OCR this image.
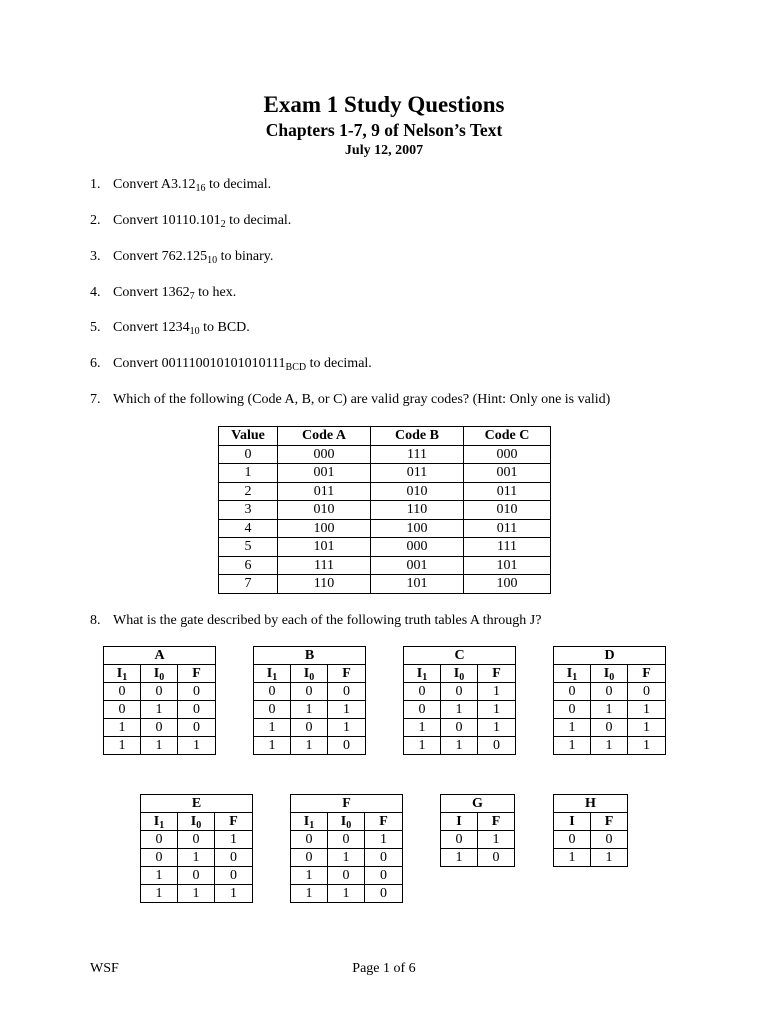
Exam 1 Study Questions
Chapters 1-7, 9 of Nelson’s Text
July 12, 2007
1. Convert $A3.12_{16}$ to decimal.
2. Convert $10110.101_2$ to decimal.
3. Convert $762.125_{10}$ to binary.
4. Convert $1362_7$ to hex.
5. Convert $1234_{10}$ to BCD.
6. Convert $001110010101010111_{BCD}$ to decimal.
7. Which of the following (Code A, B, or C) are valid gray codes? (Hint: Only one is valid)
Value	Code A	Code B	Code C
0	000	111	000
1	001	011	001
2	011	010	011
3	010	110	010
4	100	100	011
5	101	000	111
6	111	001	101
7	110	101	100
8. What is the gate described by each of the following truth tables A through J?
A		
$I_1$	$I_0$	F
0	0	0
0	1	0
1	0	0
1	1	1
B		
$I_1$	$I_0$	F
0	0	0
0	1	1
1	0	1
1	1	0
C		
$I_1$	$I_0$	F
0	0	1
0	1	1
1	0	1
1	1	0
D		
$I_1$	$I_0$	F
0	0	0
0	1	1
1	0	1
1	1	1
E		
$I_1$	$I_0$	F
0	0	1
0	1	0
1	0	0
1	1	1
F		
$I_1$	$I_0$	F
0	0	1
0	1	0
1	0	0
1	1	0
G	
I	F
0	1
1	0
H	
I	F
0	0
1	1
WSF	Page 1 of 6
